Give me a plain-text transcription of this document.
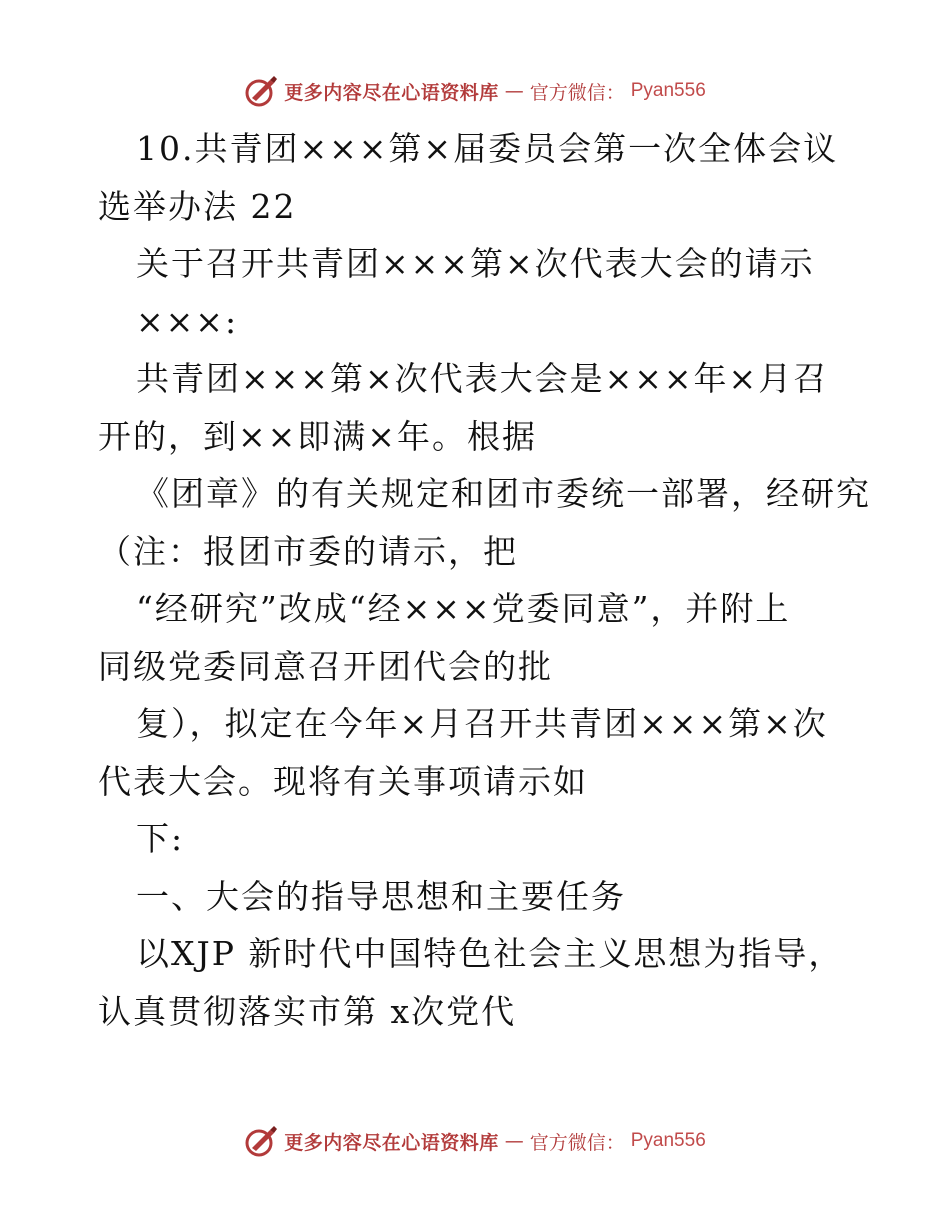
更多内容尽在心语资料库 — 官方微信： Pyan556
10.共青团×××第×届委员会第一次全体会议
选举办法 22
关于召开共青团×××第×次代表大会的请示
×××:
共青团×××第×次代表大会是×××年×月召
开的，到××即满×年。根据
《团章》的有关规定和团市委统一部署，经研究
（注：报团市委的请示，把
“经研究”改成“经×××党委同意”，并附上
同级党委同意召开团代会的批
复），拟定在今年×月召开共青团×××第×次
代表大会。现将有关事项请示如
下:
一、大会的指导思想和主要任务
以XJP 新时代中国特色社会主义思想为指导，
认真贯彻落实市第 x次党代
更多内容尽在心语资料库 — 官方微信： Pyan556
